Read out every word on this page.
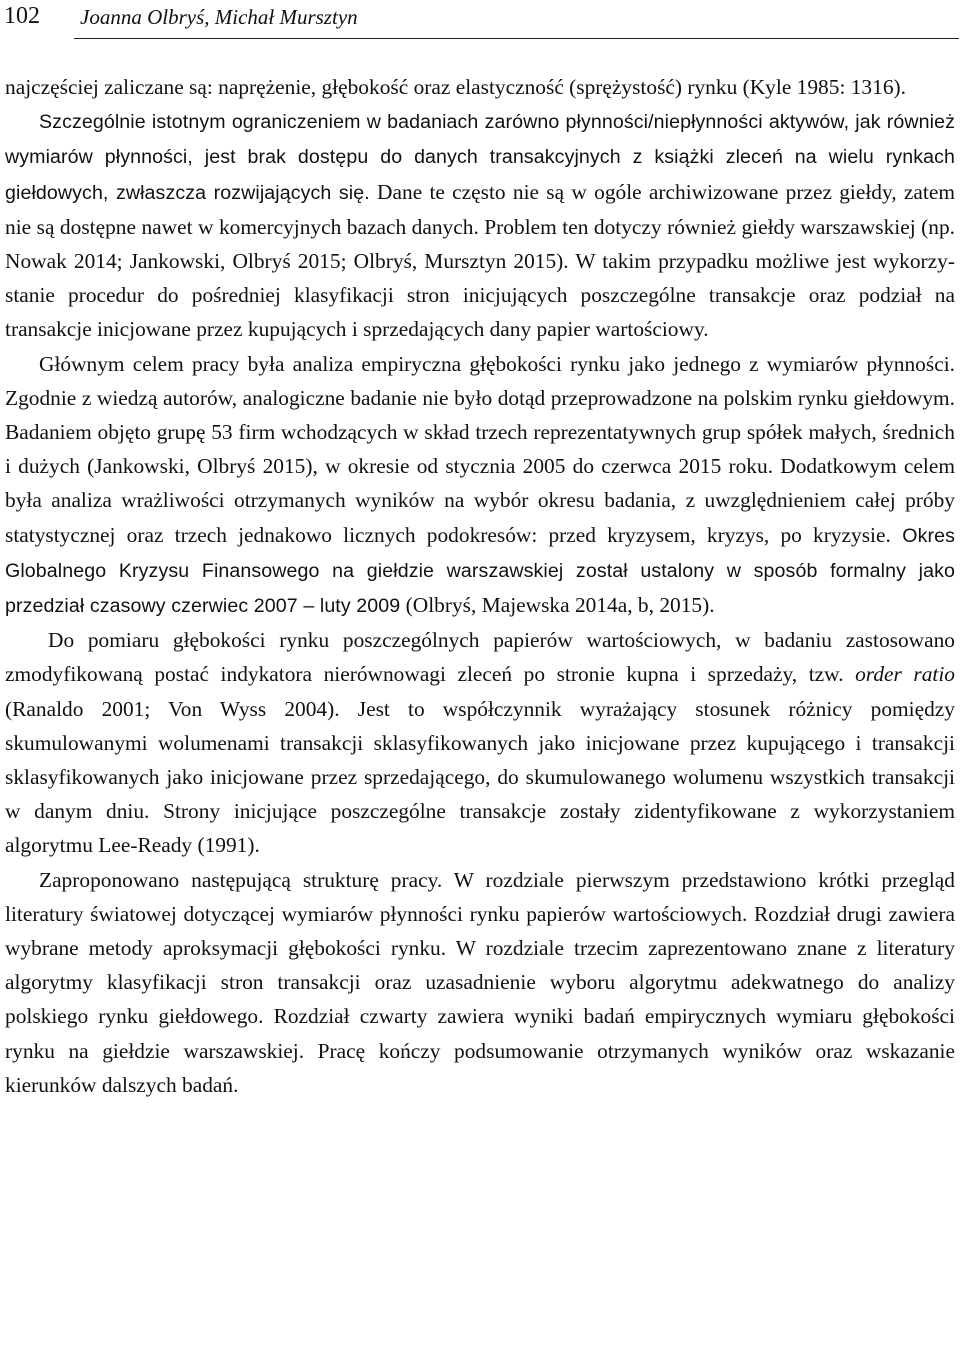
102 Joanna Olbryś, Michał Mursztyn

najczęściej zaliczane są: naprężenie, głębokość oraz elastyczność (sprężystość) rynku (Kyle 1985: 1316).

Szczególnie istotnym ograniczeniem w badaniach zarówno płynności/niepłynności aktywów, jak również wymiarów płynności, jest brak dostępu do danych transakcyjnych z książki zleceń na wielu rynkach giełdowych, zwłaszcza rozwijających się. Dane te często nie są w ogóle archiwizowane przez giełdy, zatem nie są dostępne nawet w komercyjnych bazach danych. Problem ten dotyczy również giełdy warszawskiej (np. Nowak 2014; Jankowski, Olbryś 2015; Olbryś, Mursztyn 2015). W takim przypadku możliwe jest wykorzystanie procedur do pośredniej klasyfikacji stron inicjujących poszczególne transakcje oraz podział na transakcje inicjowane przez kupujących i sprzedających dany papier wartościowy.

Głównym celem pracy była analiza empiryczna głębokości rynku jako jednego z wymiarów płynności. Zgodnie z wiedzą autorów, analogiczne badanie nie było dotąd przeprowadzone na polskim rynku giełdowym. Badaniem objęto grupę 53 firm wchodzących w skład trzech reprezentatywnych grup spółek małych, średnich i dużych (Jankowski, Olbryś 2015), w okresie od stycznia 2005 do czerwca 2015 roku. Dodatkowym celem była analiza wrażliwości otrzymanych wyników na wybór okresu badania, z uwzględnieniem całej próby statystycznej oraz trzech jednakowo licznych podokresów: przed kryzysem, kryzys, po kryzysie. Okres Globalnego Kryzysu Finansowego na giełdzie warszawskiej został ustalony w sposób formalny jako przedział czasowy czerwiec 2007 – luty 2009 (Olbryś, Majewska 2014a, b, 2015).

Do pomiaru głębokości rynku poszczególnych papierów wartościowych, w badaniu zastosowano zmodyfikowaną postać indykatora nierównowagi zleceń po stronie kupna i sprzedaży, tzw. order ratio (Ranaldo 2001; Von Wyss 2004). Jest to współczynnik wyrażający stosunek różnicy pomiędzy skumulowanymi wolumenami transakcji sklasyfikowanych jako inicjowane przez kupującego i transakcji sklasyfikowanych jako inicjowane przez sprzedającego, do skumulowanego wolumenu wszystkich transakcji w danym dniu. Strony inicjujące poszczególne transakcje zostały zidentyfikowane z wykorzystaniem algorytmu Lee-Ready (1991).

Zaproponowano następującą strukturę pracy. W rozdziale pierwszym przedstawiono krótki przegląd literatury światowej dotyczącej wymiarów płynności rynku papierów wartościowych. Rozdział drugi zawiera wybrane metody aproksymacji głębokości rynku. W rozdziale trzecim zaprezentowano znane z literatury algorytmy klasyfikacji stron transakcji oraz uzasadnienie wyboru algorytmu adekwatnego do analizy polskiego rynku giełdowego. Rozdział czwarty zawiera wyniki badań empirycznych wymiaru głębokości rynku na giełdzie warszawskiej. Pracę kończy podsumowanie otrzymanych wyników oraz wskazanie kierunków dalszych badań.
